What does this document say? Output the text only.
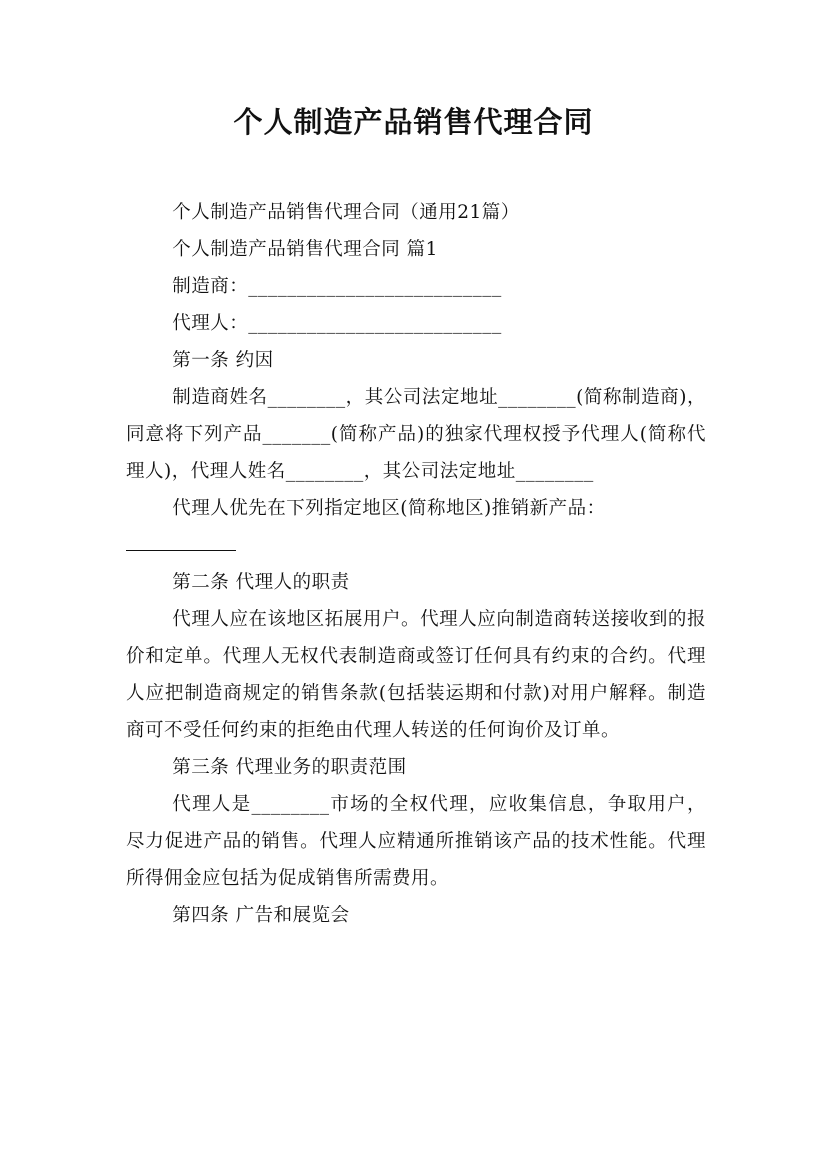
个人制造产品销售代理合同

个人制造产品销售代理合同（通用21篇）

个人制造产品销售代理合同 篇1

制造商：__________________________

代理人：__________________________

第一条 约因

制造商姓名________，其公司法定地址________(简称制造商)，同意将下列产品_______(简称产品)的独家代理权授予代理人(简称代理人)，代理人姓名________，其公司法定地址________

代理人优先在下列指定地区(简称地区)推销新产品：

第二条 代理人的职责

代理人应在该地区拓展用户。代理人应向制造商转送接收到的报价和定单。代理人无权代表制造商或签订任何具有约束的合约。代理人应把制造商规定的销售条款(包括装运期和付款)对用户解释。制造商可不受任何约束的拒绝由代理人转送的任何询价及订单。

第三条 代理业务的职责范围

代理人是________市场的全权代理，应收集信息，争取用户，尽力促进产品的销售。代理人应精通所推销该产品的技术性能。代理所得佣金应包括为促成销售所需费用。

第四条 广告和展览会
